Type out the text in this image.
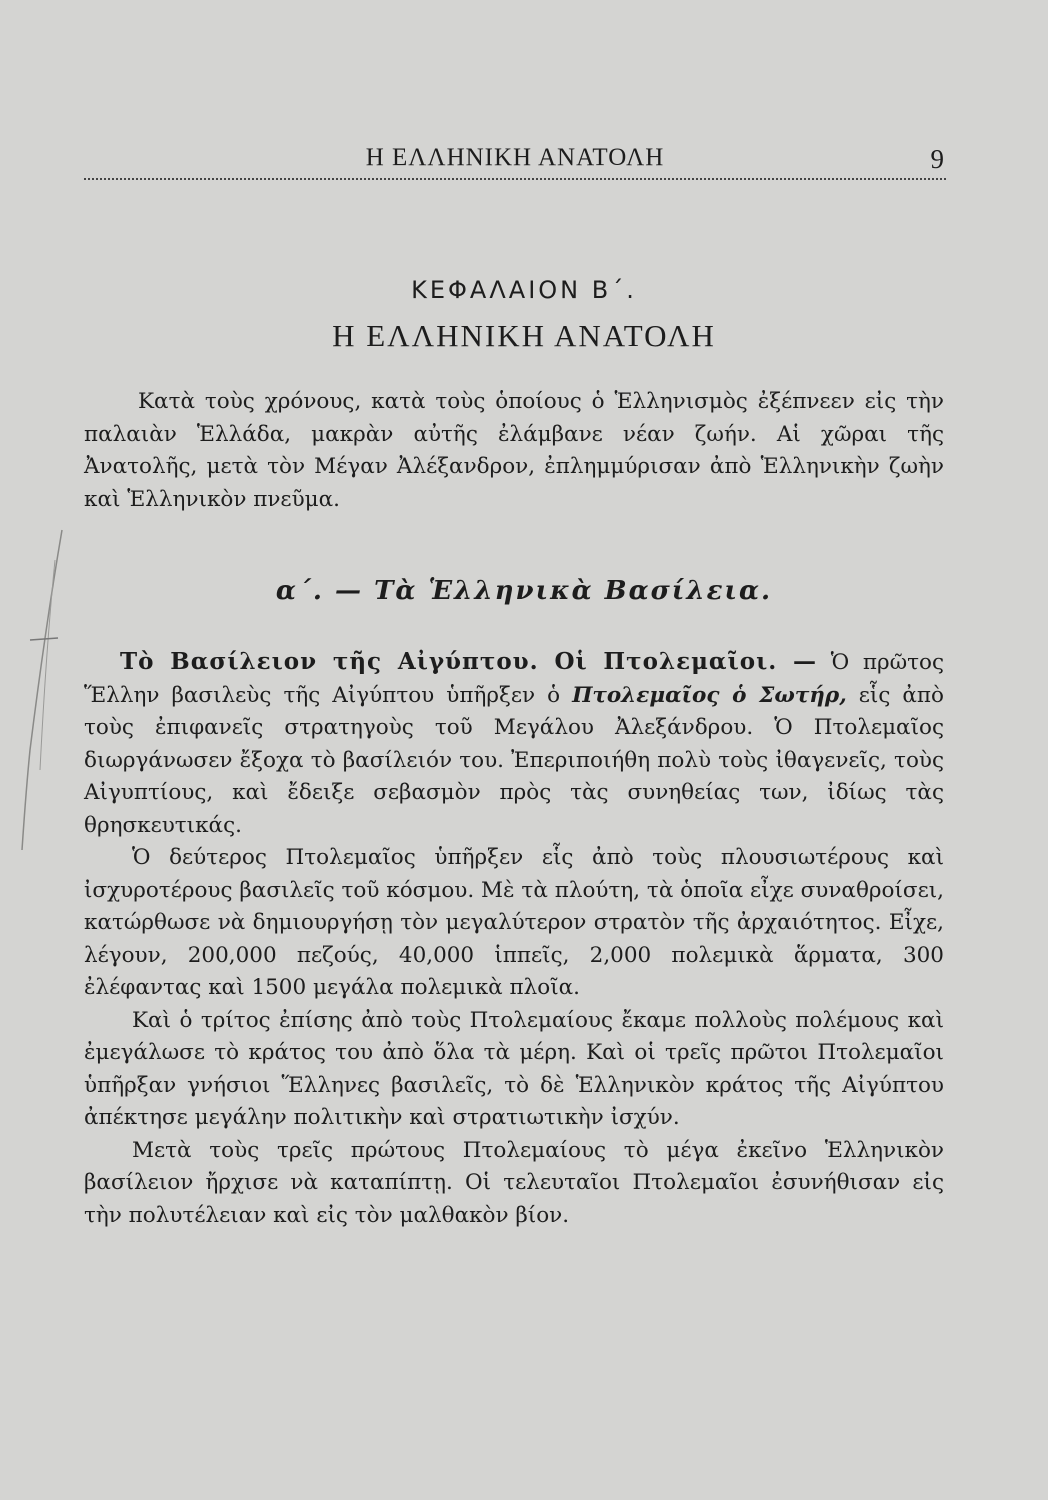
Η ΕΛΛΗΝΙΚΗ ΑΝΑΤΟΛΗ	9
ΚΕΦΑΛΑΙΟΝ Β΄.
Η ΕΛΛΗΝΙΚΗ ΑΝΑΤΟΛΗ
Κατὰ τοὺς χρόνους, κατὰ τοὺς ὁποίους ὁ Ἑλληνισμὸς ἐξέπνεεν εἰς τὴν παλαιὰν Ἑλλάδα, μακρὰν αὐτῆς ἐλάμβανε νέαν ζωήν. Αἱ χῶραι τῆς Ἀνατολῆς, μετὰ τὸν Μέγαν Ἀλέξανδρον, ἐπλημμύρισαν ἀπὸ Ἑλληνικὴν ζωὴν καὶ Ἑλληνικὸν πνεῦμα.
α΄. — Τὰ Ἑλληνικὰ Βασίλεια.

Τὸ Βασίλειον τῆς Αἰγύπτου. Οἱ Πτολεμαῖοι. — Ὁ πρῶτος Ἕλλην βασιλεὺς τῆς Αἰγύπτου ὑπῆρξεν ὁ Πτολεμαῖος ὁ Σωτήρ, εἷς ἀπὸ τοὺς ἐπιφανεῖς στρατηγοὺς τοῦ Μεγάλου Ἀλεξάνδρου. Ὁ Πτολεμαῖος διωργάνωσεν ἔξοχα τὸ βασίλειόν του. Ἐπεριποιήθη πολὺ τοὺς ἰθαγενεῖς, τοὺς Αἰγυπτίους, καὶ ἔδειξε σεβασμὸν πρὸς τὰς συνηθείας των, ἰδίως τὰς θρησκευτικάς.

Ὁ δεύτερος Πτολεμαῖος ὑπῆρξεν εἷς ἀπὸ τοὺς πλουσιωτέρους καὶ ἰσχυροτέρους βασιλεῖς τοῦ κόσμου. Μὲ τὰ πλούτη, τὰ ὁποῖα εἶχε συναθροίσει, κατώρθωσε νὰ δημιουργήσῃ τὸν μεγαλύτερον στρατὸν τῆς ἀρχαιότητος. Εἶχε, λέγουν, 200,000 πεζούς, 40,000 ἱππεῖς, 2,000 πολεμικὰ ἅρματα, 300 ἐλέφαντας καὶ 1500 μεγάλα πολεμικὰ πλοῖα.

Καὶ ὁ τρίτος ἐπίσης ἀπὸ τοὺς Πτολεμαίους ἔκαμε πολλοὺς πολέμους καὶ ἐμεγάλωσε τὸ κράτος του ἀπὸ ὅλα τὰ μέρη. Καὶ οἱ τρεῖς πρῶτοι Πτολεμαῖοι ὑπῆρξαν γνήσιοι Ἕλληνες βασιλεῖς, τὸ δὲ Ἑλληνικὸν κράτος τῆς Αἰγύπτου ἀπέκτησε μεγάλην πολιτικὴν καὶ στρατιωτικὴν ἰσχύν.

Μετὰ τοὺς τρεῖς πρώτους Πτολεμαίους τὸ μέγα ἐκεῖνο Ἑλληνικὸν βασίλειον ἤρχισε νὰ καταπίπτῃ. Οἱ τελευταῖοι Πτολεμαῖοι ἐσυνήθισαν εἰς τὴν πολυτέλειαν καὶ εἰς τὸν μαλθακὸν βίον.
